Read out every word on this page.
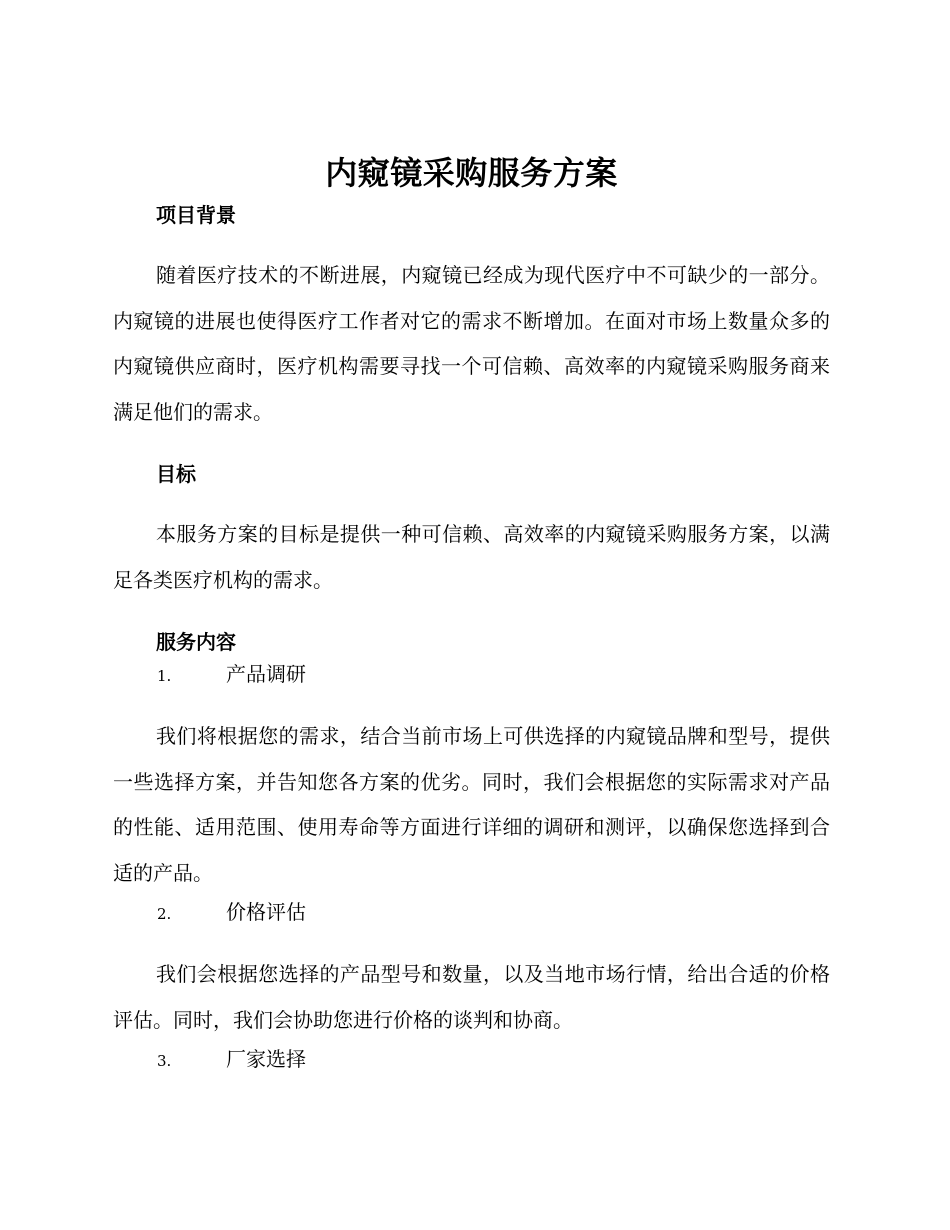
内窥镜采购服务方案
项目背景

随着医疗技术的不断进展，内窥镜已经成为现代医疗中不可缺少的一部分。内窥镜的进展也使得医疗工作者对它的需求不断增加。在面对市场上数量众多的内窥镜供应商时，医疗机构需要寻找一个可信赖、高效率的内窥镜采购服务商来满足他们的需求。

目标

本服务方案的目标是提供一种可信赖、高效率的内窥镜采购服务方案，以满足各类医疗机构的需求。

服务内容
1.	产品调研

我们将根据您的需求，结合当前市场上可供选择的内窥镜品牌和型号，提供一些选择方案，并告知您各方案的优劣。同时，我们会根据您的实际需求对产品的性能、适用范围、使用寿命等方面进行详细的调研和测评，以确保您选择到合适的产品。

2.	价格评估

我们会根据您选择的产品型号和数量，以及当地市场行情，给出合适的价格评估。同时，我们会协助您进行价格的谈判和协商。

3.	厂家选择
